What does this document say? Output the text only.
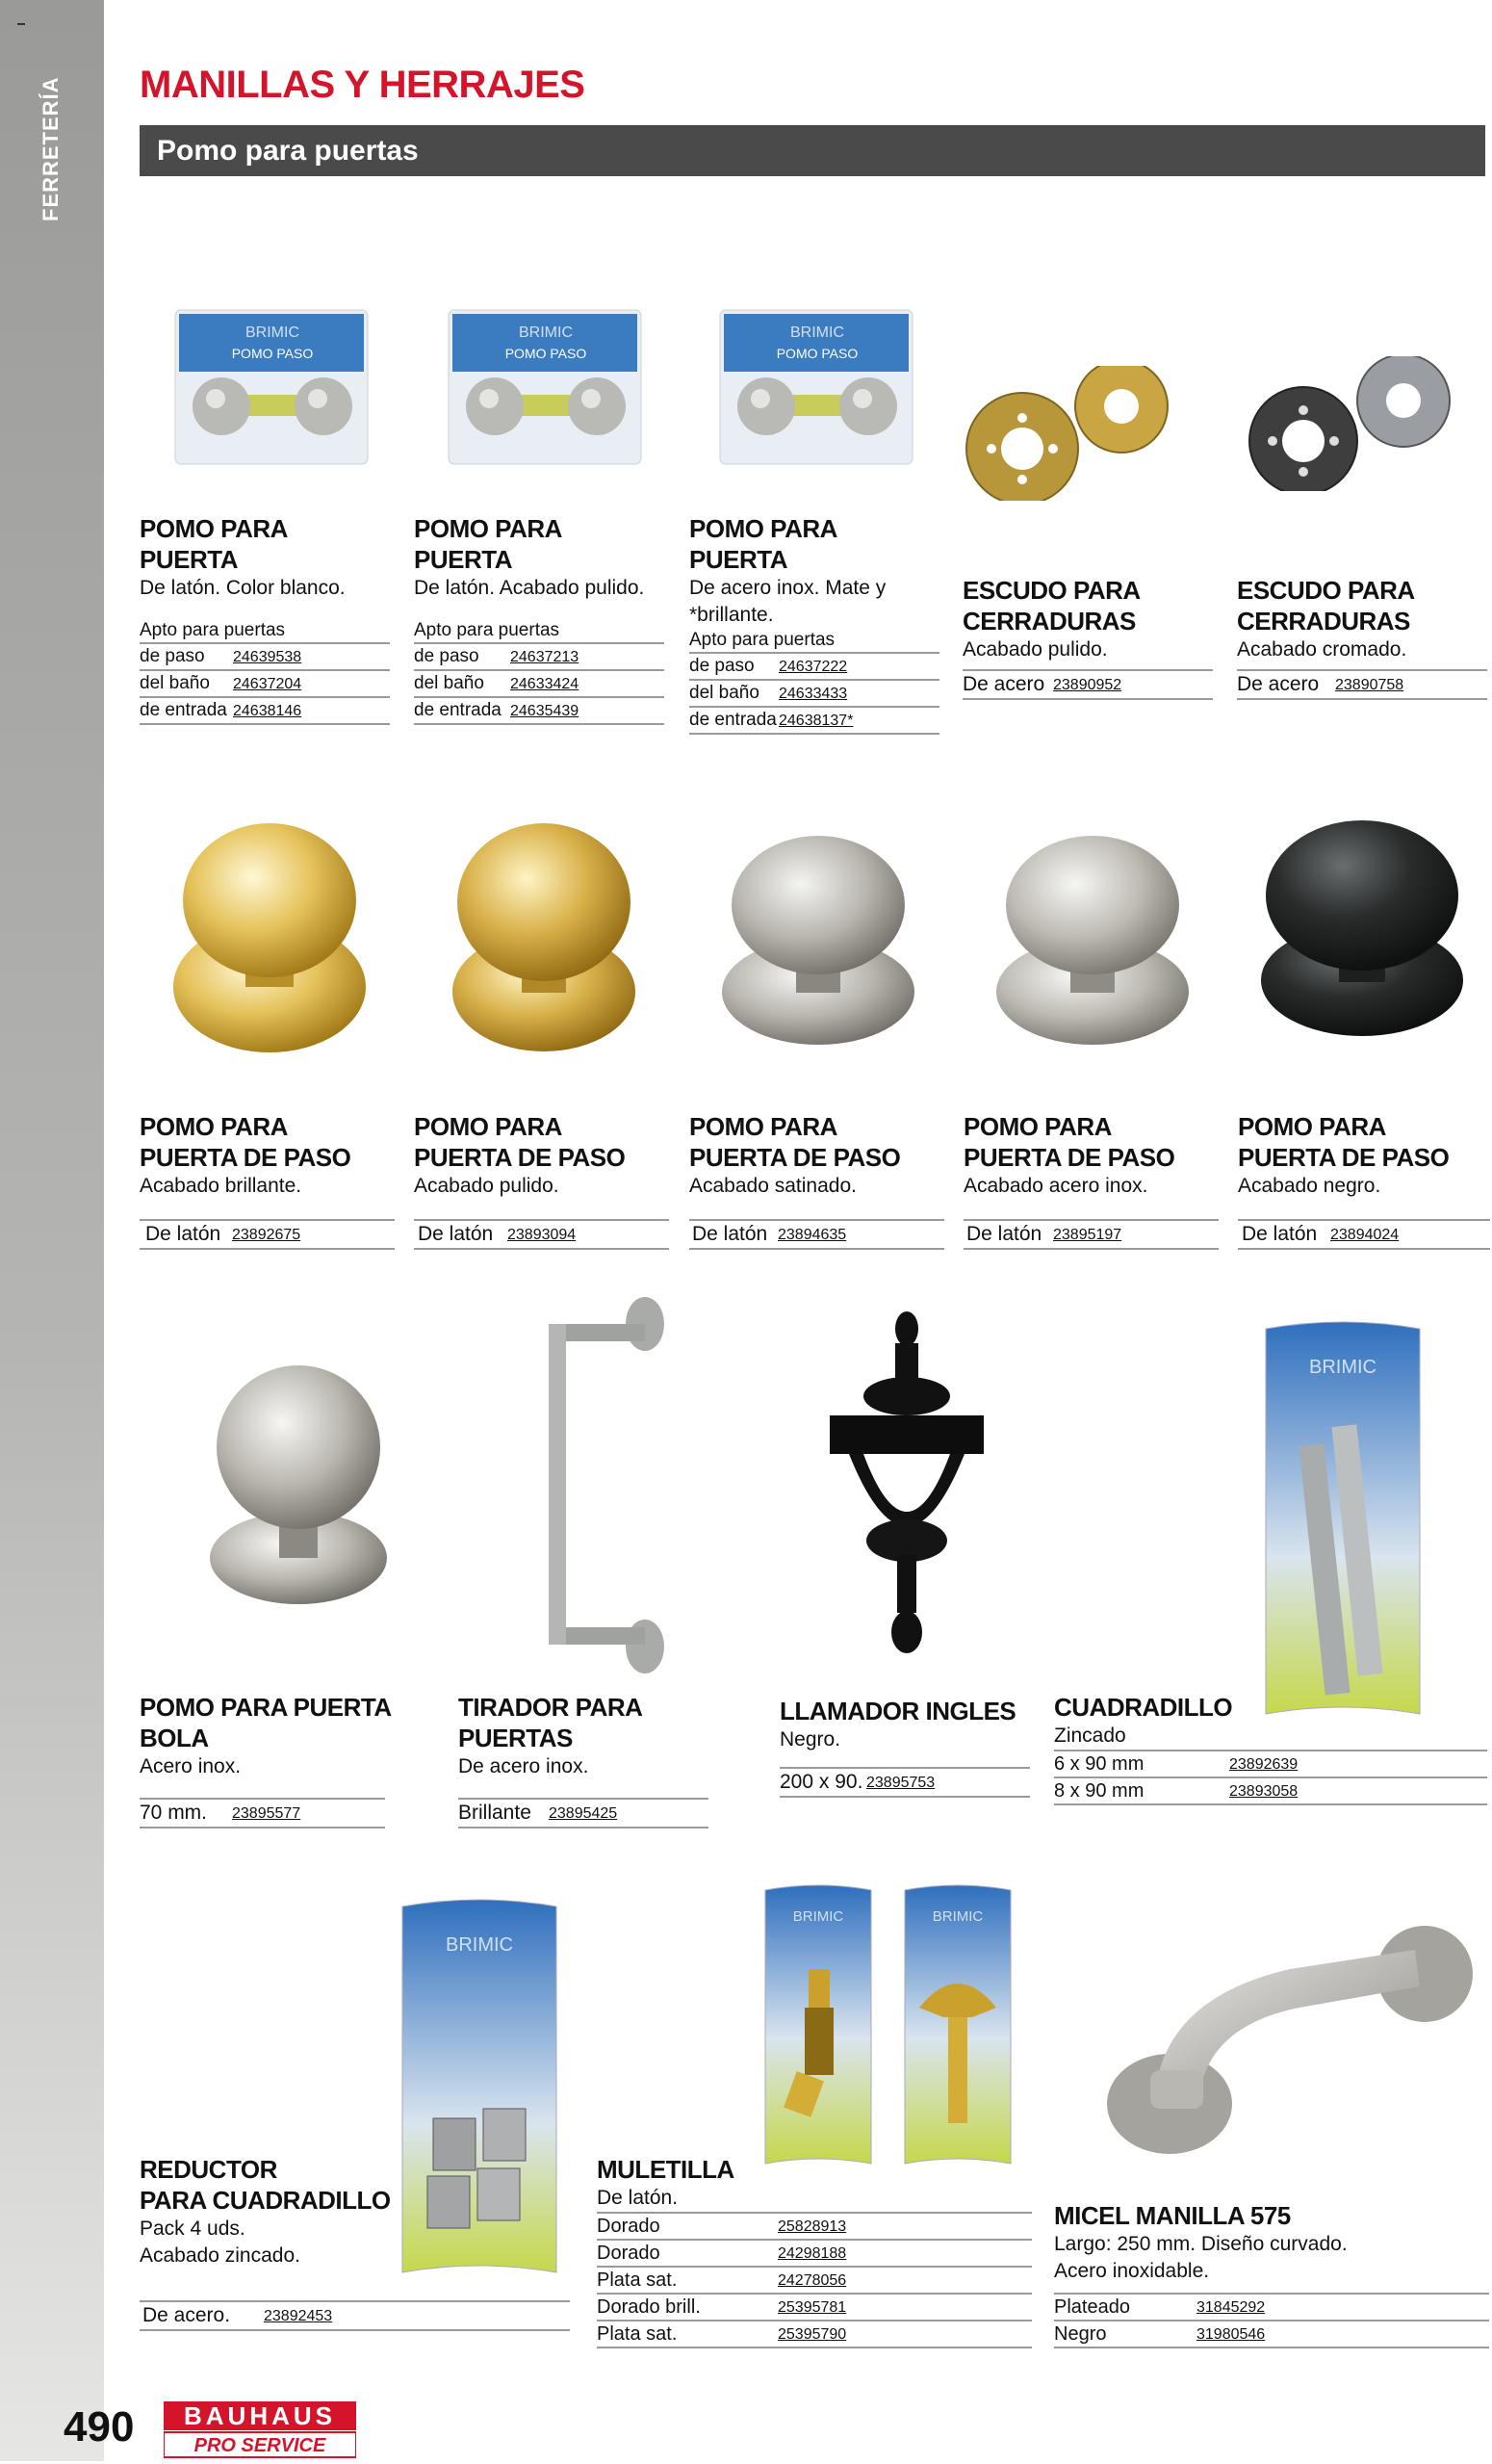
FERRETERÍA MANILLAS Y HERRAJES
Pomo para puertas
BRIMIC
POMO PASO
BRIMIC
POMO PASO
BRIMIC
POMO PASO
POMO PARA PUERTA
De latón. Color blanco.
Apto para puertas
de paso 24639538
del baño 24637204
de entrada 24638146
POMO PARA PUERTA
De latón. Acabado pulido.
Apto para puertas
de paso 24637213
del baño 24633424
de entrada 24635439
POMO PARA PUERTA
De acero inox. Mate y
*brillante.
Apto para puertas
de paso 24637222
del baño 24633433
de entrada 24638137*
ESCUDO PARA
CERRADURAS
Acabado pulido.
De acero 23890952
ESCUDO PARA
CERRADURAS
Acabado cromado.
De acero 23890758
POMO PARA
PUERTA DE PASO
Acabado brillante.
De latón 23892675
POMO PARA
PUERTA DE PASO
Acabado pulido.
De latón 23893094
POMO PARA
PUERTA DE PASO
Acabado satinado.
De latón 23894635
POMO PARA
PUERTA DE PASO
Acabado acero inox.
De latón 23895197
POMO PARA
PUERTA DE PASO
Acabado negro.
De latón 23894024
BRIMIC
POMO PARA PUERTA BOLA
Acero inox.
70 mm. 23895577
TIRADOR PARA PUERTAS
De acero inox.
Brillante 23895425
LLAMADOR INGLES
Negro.
200 x 90. 23895753
CUADRADILLO
Zincado
6 x 90 mm	23892639
8 x 90 mm	23893058
BRIMIC
BRIMIC	BRIMIC
REDUCTOR
PARA CUADRADILLO
Pack 4 uds.
Acabado zincado.
De acero. 23892453
MULETILLA
De latón.
Dorado	25828913
Dorado	24298188
Plata sat.	24278056
Dorado brill.	25395781
Plata sat.	25395790
MICEL MANILLA 575
Largo: 250 mm. Diseño curvado.
Acero inoxidable.
Plateado	31845292
Negro	31980546
490 BAUHAUS
PRO SERVICE
